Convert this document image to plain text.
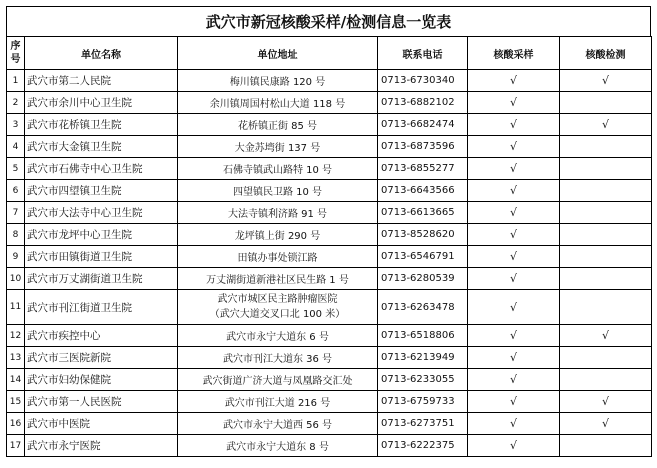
武穴市新冠核酸采样/检测信息一览表
序号	单位名称	单位地址	联系电话	核酸采样	核酸检测
1	武穴市第二人民院	梅川镇民康路 120 号	0713-6730340	√	√
2	武穴市余川中心卫生院	余川镇周国村松山大道 118 号	0713-6882102	√	
3	武穴市花桥镇卫生院	花桥镇正街 85 号	0713-6682474	√	√
4	武穴市大金镇卫生院	大金苏塆街 137 号	0713-6873596	√	
5	武穴市石佛寺中心卫生院	石佛寺镇武山路特 10 号	0713-6855277	√	
6	武穴市四望镇卫生院	四望镇民卫路 10 号	0713-6643566	√	
7	武穴市大法寺中心卫生院	大法寺镇利济路 91 号	0713-6613665	√	
8	武穴市龙坪中心卫生院	龙坪镇上街 290 号	0713-8528620	√	
9	武穴市田镇街道卫生院	田镇办事处锁江路	0713-6546791	√	
10	武穴市万丈湖街道卫生院	万丈湖街道新港社区民生路 1 号	0713-6280539	√	
11	武穴市刊江街道卫生院	武穴市城区民主路肿瘤医院
（武穴大道交叉口北 100 米）	0713-6263478	√	
12	武穴市疾控中心	武穴市永宁大道东 6 号	0713-6518806	√	√
13	武穴市三医院新院	武穴市刊江大道东 36 号	0713-6213949	√	
14	武穴市妇幼保健院	武穴街道广济大道与凤凰路交汇处	0713-6233055	√	
15	武穴市第一人民医院	武穴市刊江大道 216 号	0713-6759733	√	√
16	武穴市中医院	武穴市永宁大道西 56 号	0713-6273751	√	√
17	武穴市永宁医院	武穴市永宁大道东 8 号	0713-6222375	√	
